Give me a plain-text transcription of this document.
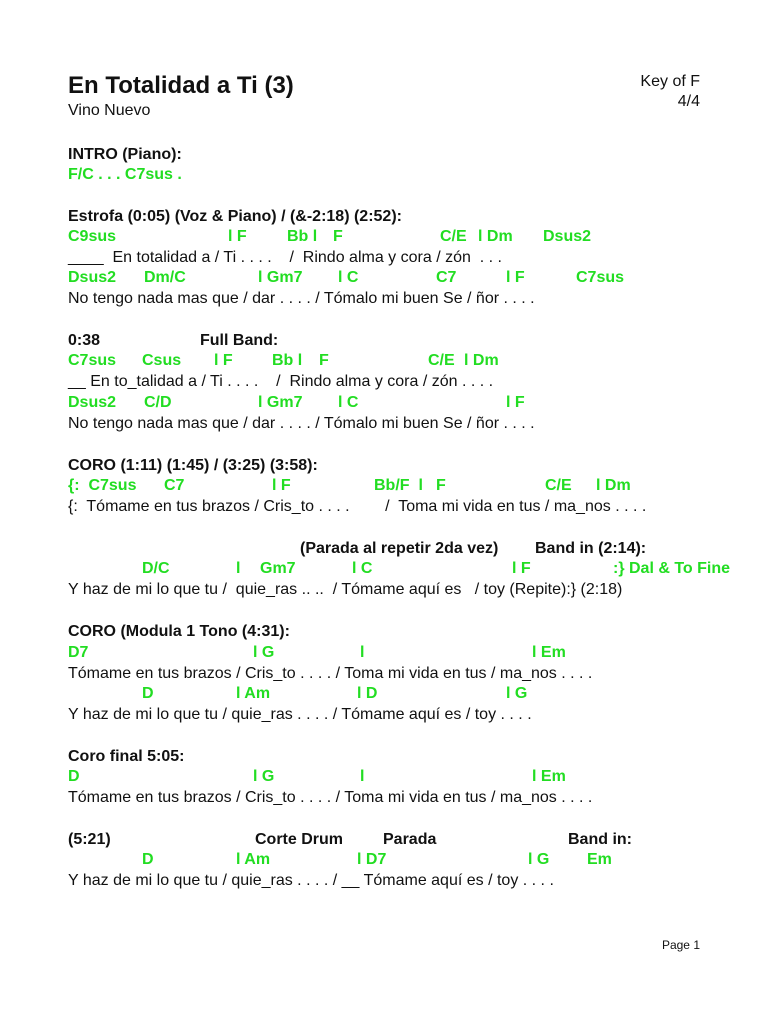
En Totalidad a Ti (3)
Vino Nuevo
Key of F
4/4
INTRO (Piano):
F/C . . . C7sus .
Estrofa (0:05) (Voz & Piano) / (&-2:18) (2:52):
C9sus	l F	Bb l F	C/E l Dm Dsus2
____  En totalidad a / Ti . . . .    /  Rindo alma y cora / zón  . . .
Dsus2 Dm/C	l Gm7 l C	C7	l F	C7sus
No tengo nada mas que / dar . . . . / Tómalo mi buen Se / ñor . . . .
0:38	Full Band:
C7sus Csus l F Bb l F	C/E l Dm
__ En to_talidad a / Ti . . . .    /  Rindo alma y cora / zón . . . .
Dsus2 C/D	l Gm7 l C	l F
No tengo nada mas que / dar . . . . / Tómalo mi buen Se / ñor . . . .
CORO (1:11) (1:45) / (3:25) (3:58):
{:  C7sus C7	l F	Bb/F  l F	C/E l Dm
{:  Tómame en tus brazos / Cris_to . . . .        /  Toma mi vida en tus / ma_nos . . . .
(Parada al repetir 2da vez) Band in (2:14):
D/C	l Gm7	l C	l F	:} Dal & To Fine
Y haz de mi lo que tu /  quie_ras .. ..  / Tómame aquí es   / toy (Repite):} (2:18)
CORO (Modula 1 Tono (4:31):
D7	l G	l	l Em
Tómame en tus brazos / Cris_to . . . . / Toma mi vida en tus / ma_nos . . . .
D	l Am	l D	l G
Y haz de mi lo que tu / quie_ras . . . . / Tómame aquí es / toy . . . .
Coro final 5:05:
D	l G	l	l Em
Tómame en tus brazos / Cris_to . . . . / Toma mi vida en tus / ma_nos . . . .
(5:21)	Corte Drum Parada	Band in:
D	l Am	l D7	l G Em
Y haz de mi lo que tu / quie_ras . . . . / __ Tómame aquí es / toy . . . .
Page 1
